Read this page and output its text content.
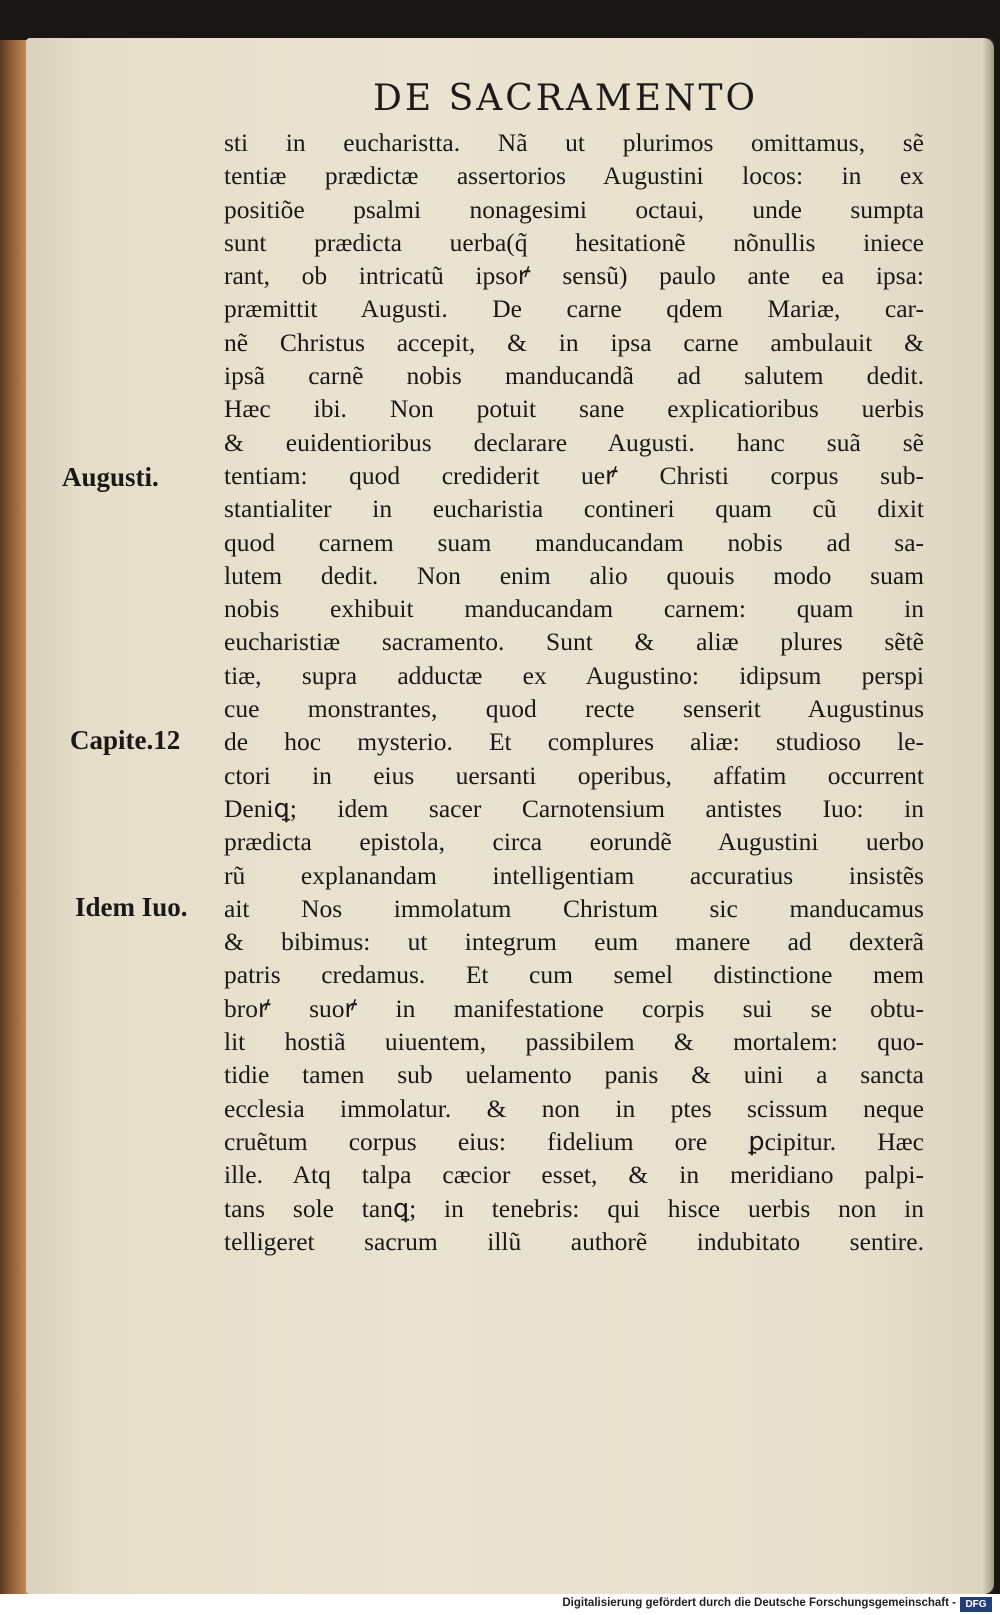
DE SACRAMENTO
sti in eucharistta. Nã ut plurimos omittamus, sẽ
tentiæ prædictæ assertorios Augustini locos: in ex
positiõe psalmi nonagesimi octaui, unde sumpta
sunt prædicta uerba(q̃ hesitationẽ nõnullis iniece
rant, ob intricatũ ipsoꝵ sensũ) paulo ante ea ipsa:
præmittit Augusti. De carne qdem Mariæ, car-
nẽ Christus accepit, & in ipsa carne ambulauit &
ipsã carnẽ nobis manducandã ad salutem dedit.
Hæc ibi. Non potuit sane explicatioribus uerbis
& euidentioribus declarare Augusti. hanc suã sẽ
tentiam: quod crediderit ueꝵ Christi corpus sub-
stantialiter in eucharistia contineri quam cũ dixit
quod carnem suam manducandam nobis ad sa-
lutem dedit. Non enim alio quouis modo suam
nobis exhibuit manducandam carnem: quam in
eucharistiæ sacramento. Sunt & aliæ plures sẽtẽ
tiæ, supra adductæ ex Augustino: idipsum perspi
cue monstrantes, quod recte senserit Augustinus
de hoc mysterio. Et complures aliæ: studioso le-
ctori in eius uersanti operibus, affatim occurrent
Deniꝗ; idem sacer Carnotensium antistes Iuo: in
prædicta epistola, circa eorundẽ Augustini uerbo
rũ explanandam intelligentiam accuratius insistẽs
ait Nos immolatum Christum sic manducamus
& bibimus: ut integrum eum manere ad dexterã
patris credamus. Et cum semel distinctione mem
broꝵ suoꝵ in manifestatione corpis sui se obtu-
lit hostiã uiuentem, passibilem & mortalem: quo-
tidie tamen sub uelamento panis & uini a sancta
ecclesia immolatur. & non in ptes scissum neque
cruẽtum corpus eius: fidelium ore ꝑcipitur. Hæc
ille. Atq talpa cæcior esset, & in meridiano palpi-
tans sole tanꝗ; in tenebris: qui hisce uerbis non in
telligeret sacrum illũ authorẽ indubitato sentire.
Augusti.
Capite.12
Idem Iuo.
Digitalisierung gefördert durch die Deutsche Forschungsgemeinschaft - DFG
